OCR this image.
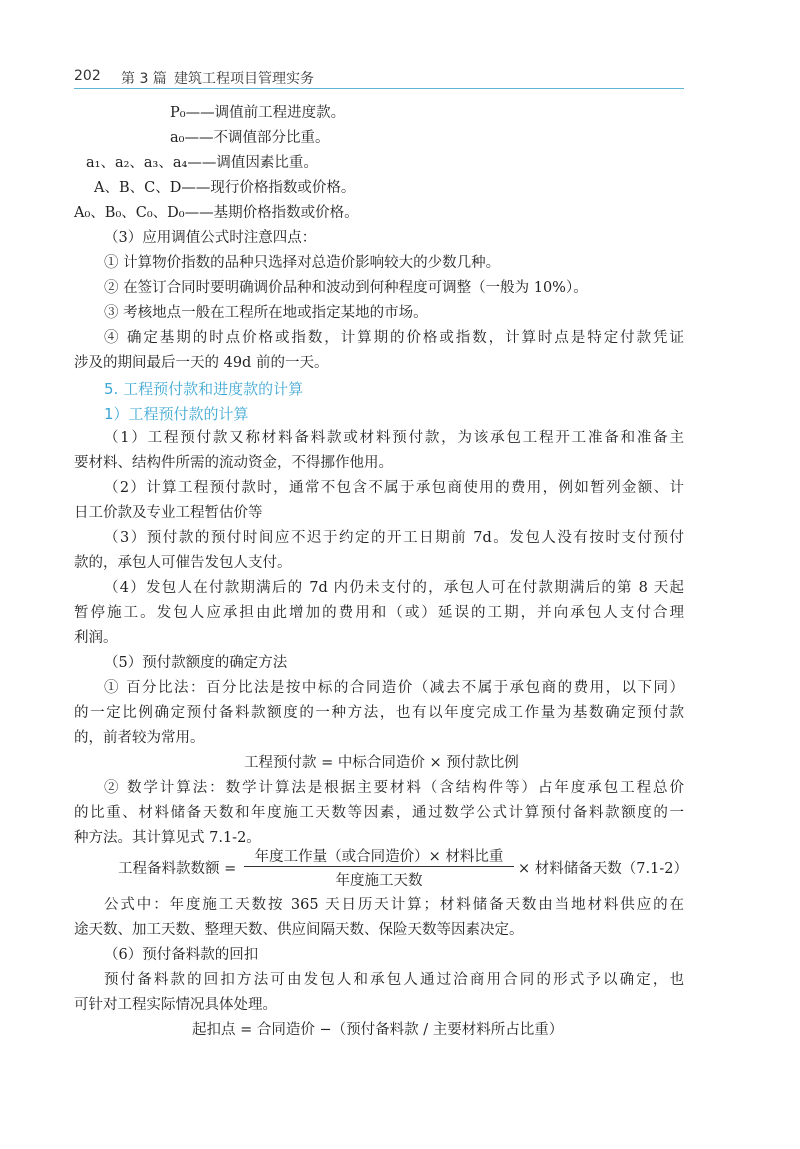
202 第 3 篇 建筑工程项目管理实务
P₀——调值前工程进度款。
a₀——不调值部分比重。
a₁、a₂、a₃、a₄——调值因素比重。
A、B、C、D——现行价格指数或价格。
A₀、B₀、C₀、D₀——基期价格指数或价格。
（3）应用调值公式时注意四点：
① 计算物价指数的品种只选择对总造价影响较大的少数几种。
② 在签订合同时要明确调价品种和波动到何种程度可调整（一般为 10%）。
③ 考核地点一般在工程所在地或指定某地的市场。
④ 确定基期的时点价格或指数，计算期的价格或指数，计算时点是特定付款凭证
涉及的期间最后一天的 49d 前的一天。
5. 工程预付款和进度款的计算
1）工程预付款的计算
（1）工程预付款又称材料备料款或材料预付款，为该承包工程开工准备和准备主
要材料、结构件所需的流动资金，不得挪作他用。
（2）计算工程预付款时，通常不包含不属于承包商使用的费用，例如暂列金额、计
日工价款及专业工程暂估价等
（3）预付款的预付时间应不迟于约定的开工日期前 7d。发包人没有按时支付预付
款的，承包人可催告发包人支付。
（4）发包人在付款期满后的 7d 内仍未支付的，承包人可在付款期满后的第 8 天起
暂停施工。发包人应承担由此增加的费用和（或）延误的工期，并向承包人支付合理
利润。
（5）预付款额度的确定方法
① 百分比法：百分比法是按中标的合同造价（减去不属于承包商的费用，以下同）
的一定比例确定预付备料款额度的一种方法，也有以年度完成工作量为基数确定预付款
的，前者较为常用。
工程预付款 = 中标合同造价 × 预付款比例
② 数学计算法：数学计算法是根据主要材料（含结构件等）占年度承包工程总价
的比重、材料储备天数和年度施工天数等因素，通过数学公式计算预付备料款额度的一
种方法。其计算见式 7.1-2。
工程备料款数额 =
年度工作量（或合同造价）× 材料比重
年度施工天数
× 材料储备天数（7.1-2）
公式中：年度施工天数按 365 天日历天计算；材料储备天数由当地材料供应的在
途天数、加工天数、整理天数、供应间隔天数、保险天数等因素决定。
（6）预付备料款的回扣
预付备料款的回扣方法可由发包人和承包人通过洽商用合同的形式予以确定，也
可针对工程实际情况具体处理。
起扣点 = 合同造价 −（预付备料款 / 主要材料所占比重）
